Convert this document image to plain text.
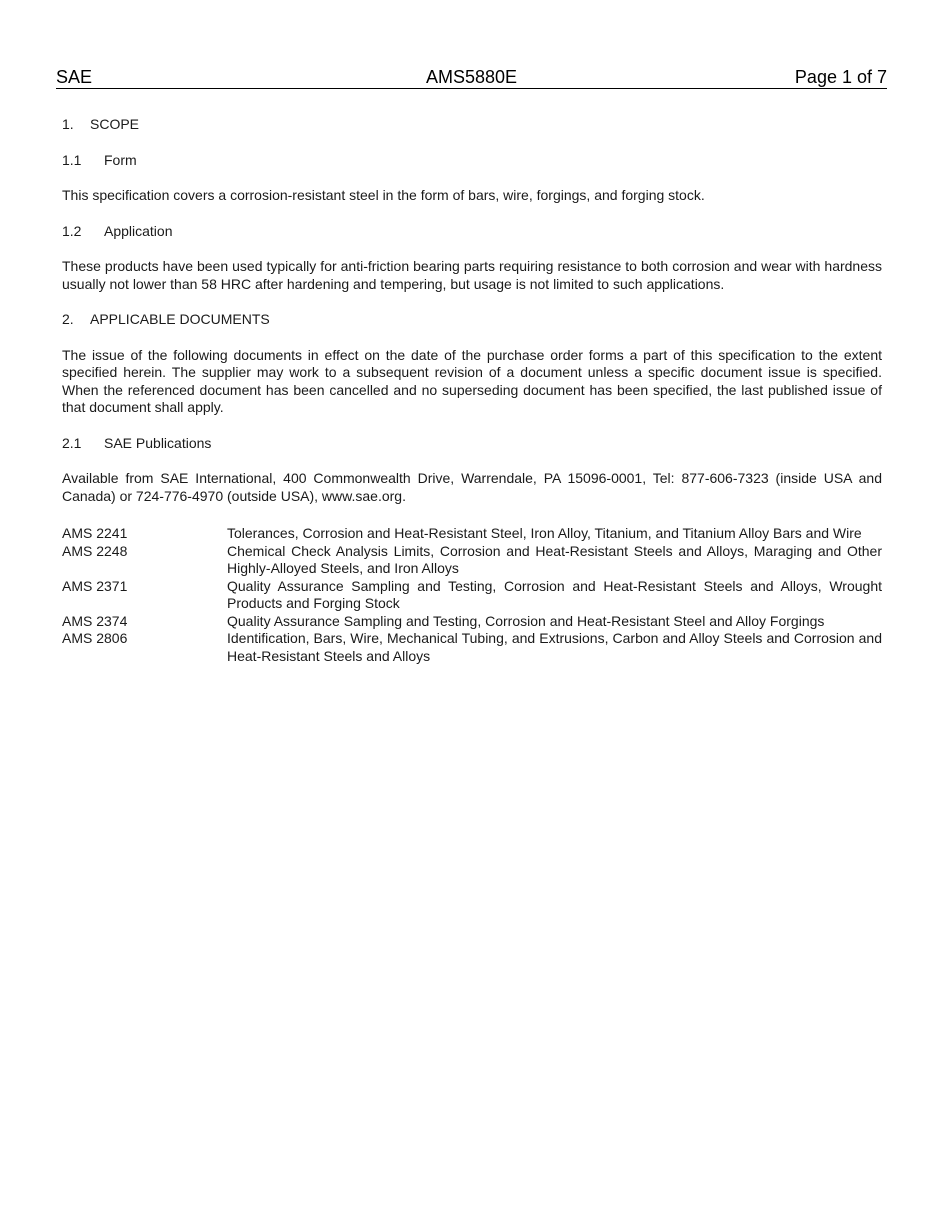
SAE	AMS5880E	Page 1 of 7
1.	SCOPE
1.1	Form

This specification covers a corrosion-resistant steel in the form of bars, wire, forgings, and forging stock.

1.2	Application

These products have been used typically for anti-friction bearing parts requiring resistance to both corrosion and wear with hardness usually not lower than 58 HRC after hardening and tempering, but usage is not limited to such applications.

2.	APPLICABLE DOCUMENTS

The issue of the following documents in effect on the date of the purchase order forms a part of this specification to the extent specified herein. The supplier may work to a subsequent revision of a document unless a specific document issue is specified. When the referenced document has been cancelled and no superseding document has been specified, the last published issue of that document shall apply.

2.1	SAE Publications

Available from SAE International, 400 Commonwealth Drive, Warrendale, PA 15096-0001, Tel: 877-606-7323 (inside USA and Canada) or 724-776-4970 (outside USA), www.sae.org.

AMS 2241	Tolerances, Corrosion and Heat-Resistant Steel, Iron Alloy, Titanium, and Titanium Alloy Bars and Wire
AMS 2248	Chemical Check Analysis Limits, Corrosion and Heat-Resistant Steels and Alloys, Maraging and Other Highly-Alloyed Steels, and Iron Alloys
AMS 2371	Quality Assurance Sampling and Testing, Corrosion and Heat-Resistant Steels and Alloys, Wrought Products and Forging Stock
AMS 2374	Quality Assurance Sampling and Testing, Corrosion and Heat-Resistant Steel and Alloy Forgings
AMS 2806	Identification, Bars, Wire, Mechanical Tubing, and Extrusions, Carbon and Alloy Steels and Corrosion and Heat-Resistant Steels and Alloys
